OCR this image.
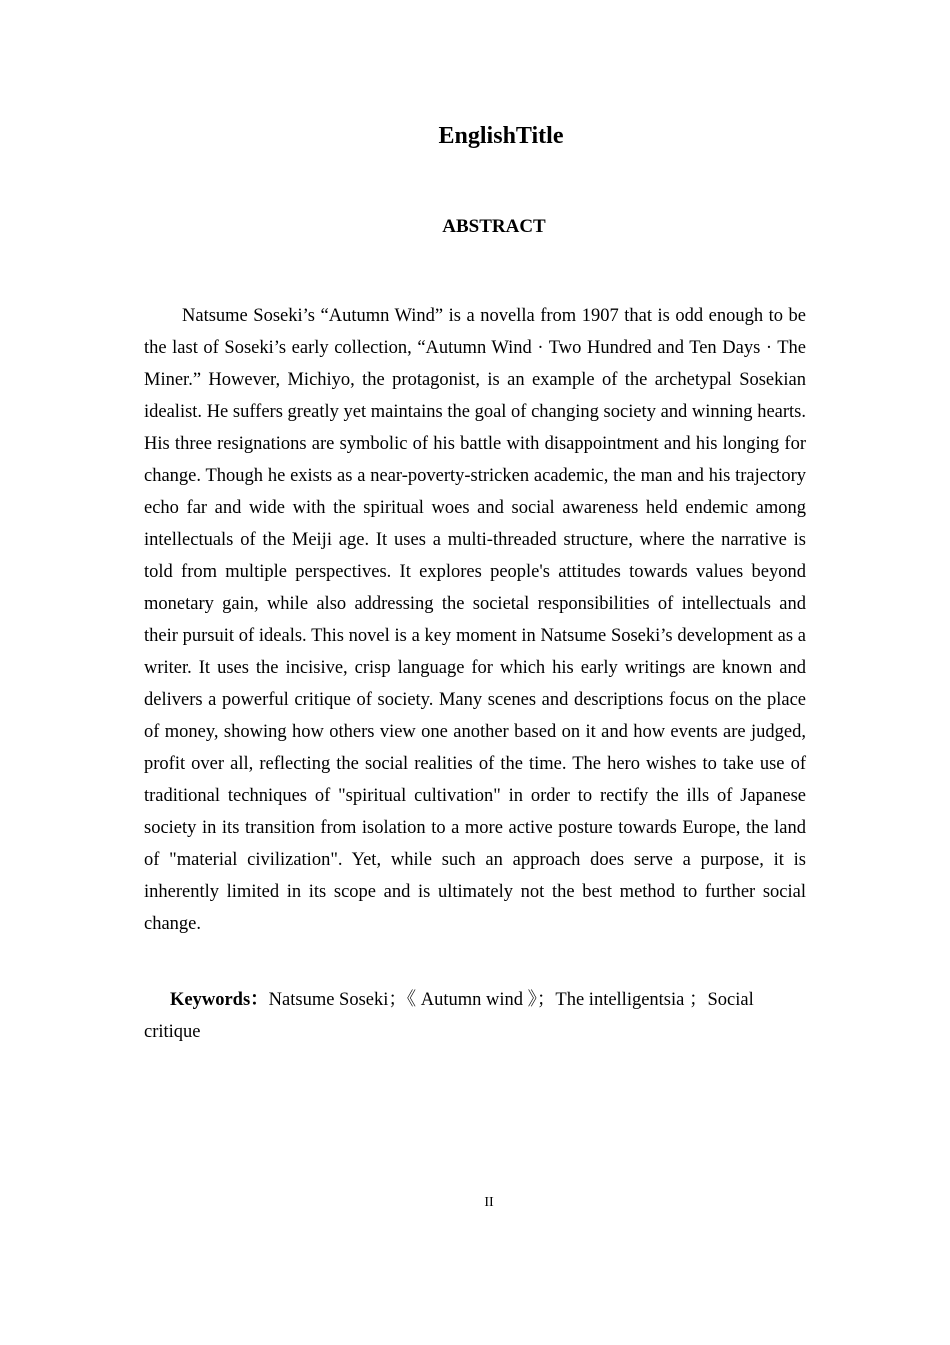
EnglishTitle
ABSTRACT

Natsume Soseki’s “Autumn Wind” is a novella from 1907 that is odd enough to be the last of Soseki’s early collection, “Autumn Wind · Two Hundred and Ten Days · The Miner.” However, Michiyo, the protagonist, is an example of the archetypal Sosekian idealist. He suffers greatly yet maintains the goal of changing society and winning hearts. His three resignations are symbolic of his battle with disappointment and his longing for change. Though he exists as a near-poverty-stricken academic, the man and his trajectory echo far and wide with the spiritual woes and social awareness held endemic among intellectuals of the Meiji age. It uses a multi-threaded structure, where the narrative is told from multiple perspectives. It explores people's attitudes towards values beyond monetary gain, while also addressing the societal responsibilities of intellectuals and their pursuit of ideals. This novel is a key moment in Natsume Soseki’s development as a writer. It uses the incisive, crisp language for which his early writings are known and delivers a powerful critique of society. Many scenes and descriptions focus on the place of money, showing how others view one another based on it and how events are judged, profit over all, reflecting the social realities of the time. The hero wishes to take use of traditional techniques of "spiritual cultivation" in order to rectify the ills of Japanese society in its transition from isolation to a more active posture towards Europe, the land of "material civilization". Yet, while such an approach does serve a purpose, it is inherently limited in its scope and is ultimately not the best method to further social change.

Keywords：Natsume Soseki；《 Autumn wind 》；The intelligentsia ；Social critique

II
